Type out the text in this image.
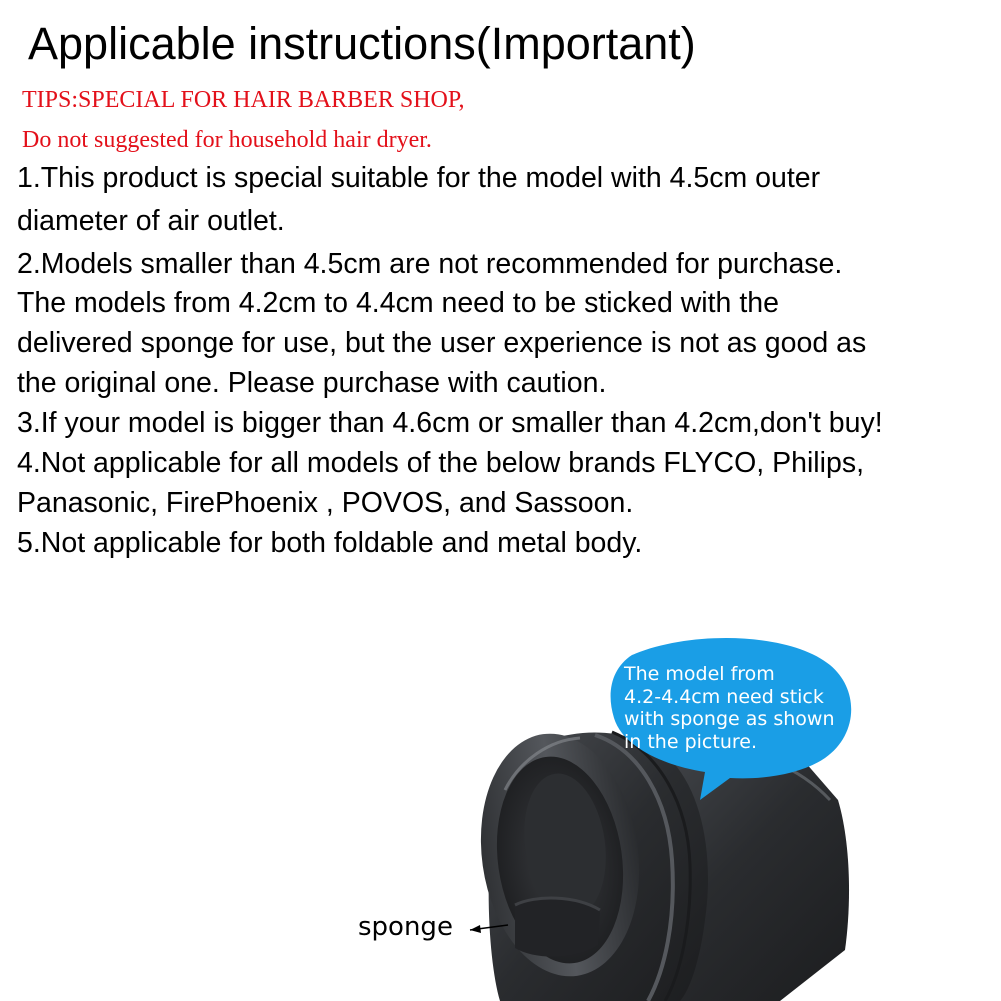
Applicable instructions(Important)
TIPS:SPECIAL FOR HAIR BARBER SHOP,
Do not suggested for household hair dryer.
1.This product is special suitable for the model with 4.5cm outer
diameter of air outlet.
2.Models smaller than 4.5cm are not recommended for purchase.
The models from 4.2cm to 4.4cm need to be sticked with the
delivered sponge for use, but the user experience is not as good as
the original one. Please purchase with caution.
3.If your model is bigger than 4.6cm or smaller than 4.2cm,don't buy!
4.Not applicable for all models of the below brands FLYCO, Philips,
Panasonic, FirePhoenix , POVOS, and Sassoon.
5.Not applicable for both foldable and metal body.
The model from
4.2-4.4cm need stick
with sponge as shown
in the picture.
sponge
